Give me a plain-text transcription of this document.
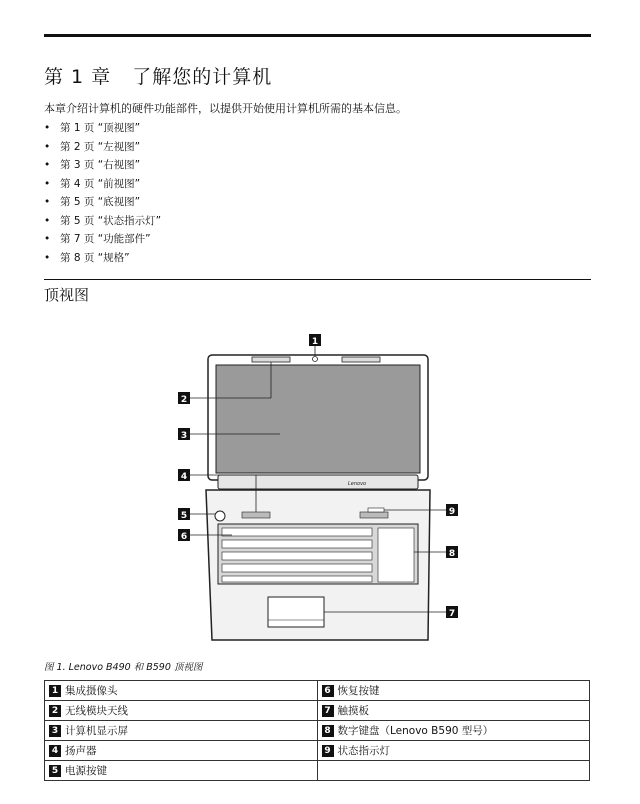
第 1 章   了解您的计算机
本章介绍计算机的硬件功能部件，以提供开始使用计算机所需的基本信息。
• 第 1 页 “顶视图”
• 第 2 页 “左视图”
• 第 3 页 “右视图”
• 第 4 页 “前视图”
• 第 5 页 “底视图”
• 第 5 页 “状态指示灯”
• 第 7 页 “功能部件”
• 第 8 页 “规格”
顶视图
Lenovo
1
2
3
4
5
6
7
8
9
图 1. Lenovo B490 和 B590 顶视图
1 集成摄像头	6 恢复按键
2 无线模块天线	7 触摸板
3 计算机显示屏	8 数字键盘（Lenovo B590 型号）
4 扬声器	9 状态指示灯
5 电源按键	
